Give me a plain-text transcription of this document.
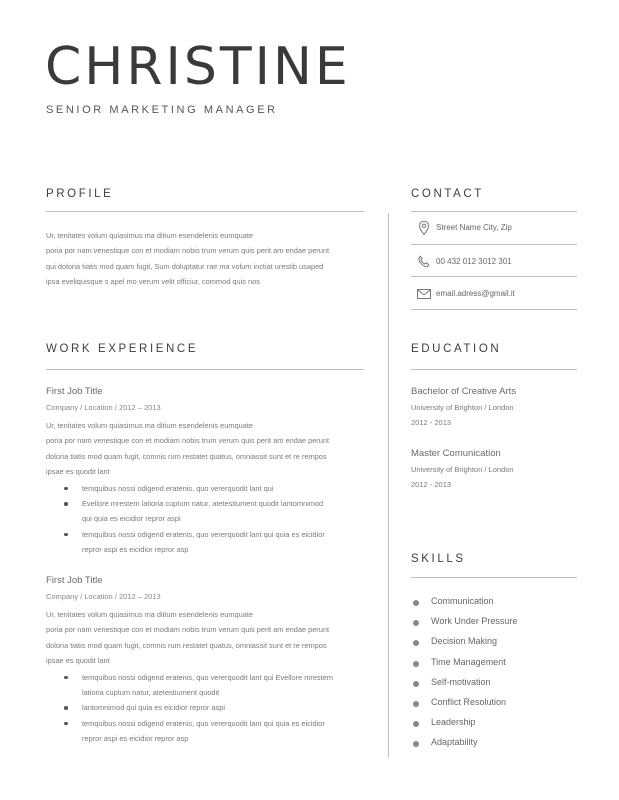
CHRISTINE
SENIOR MARKETING MANAGER
PROFILE

Ur, tenitates volum quiasimus ma ditium esendelenis eumquate
poria por nam venestique con et modiam nobis trum verum quis perit am endae perunt
qui doloria tiatis mod quam fugit, Sum doluptatur rae ma volum inctiat urestib usaped
ipsa eveliquisque s apel mo verum velit officiur, commod quis nos

WORK EXPERIENCE
First Job Title
Company / Location / 2012 – 2013

Ur, tenitates volum quiasimus ma ditium esendelenis eumquate
poria por nam venestique con et modiam nobis trum verum quis perit am endae perunt
doloria tiatis mod quam fugit, comnis rum restatet quatus, omniassit sunt et re rempos
ipsae es quodit lant

temquibus nossi odigend eratenis, quo vererquodit lant qui
Evellore mrestem latioria cuptum natur, atetestiument quodit lantomnimod
qui quia es eicidior repror aspi
temquibus nossi odigend eratenis, quo vererquodit lant qui quia es eicidior
repror aspi es eicidior repror asp
First Job Title
Company / Location / 2012 – 2013

Ur, tenitates volum quiasimus ma ditium esendelenis eumquate
poria por nam venestique con et modiam nobis trum verum quis perit am endae perunt
doloria tiatis mod quam fugit, comnis rum restatet quatus, omniassit sunt et re rempos
ipsae es quodit lant

temquibus nossi odigend eratenis, quo vererquodit lant qui Evellore mrestem
latioria cuptum natur, atetestiument quodit
lantomnimod qui quia es eicidior repror aspi
temquibus nossi odigend eratenis, quo vererquodit lant qui quia es eicidior
repror aspi es eicidior repror asp
CONTACT
Street Name City, Zip
00 432 012 3012 301
email.adress@gmail.it
EDUCATION
Bachelor of Creative Arts
University of Brighton / London
2012 - 2013
Master Comunication
University of Brighton / London
2012 - 2013
SKILLS
Communication
Work Under Pressure
Decision Making
Time Management
Self-motivation
Conflict Resolution
Leadership
Adaptability
